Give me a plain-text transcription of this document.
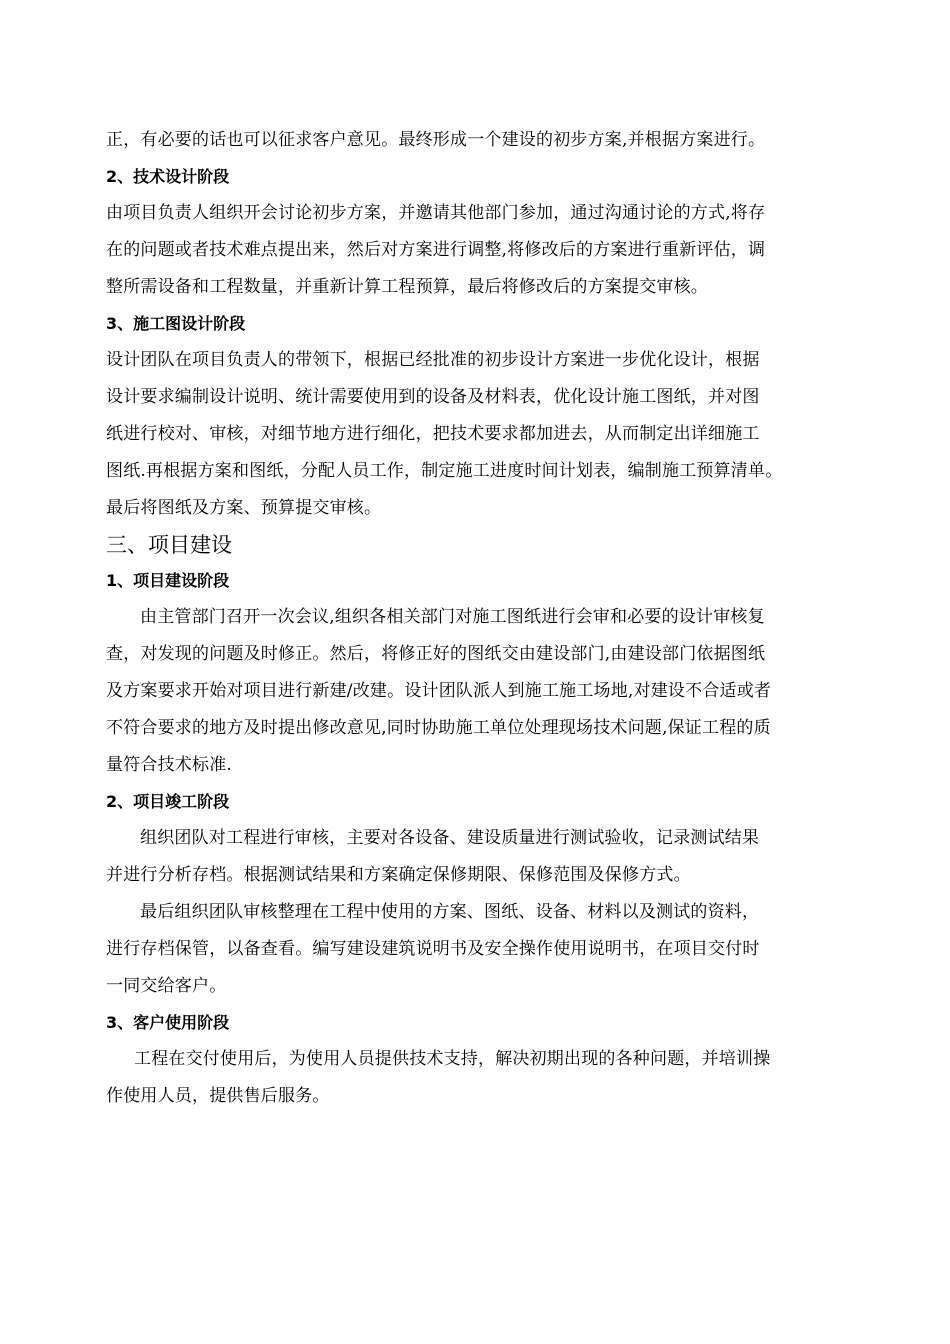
正，有必要的话也可以征求客户意见。最终形成一个建设的初步方案,并根据方案进行。

2、技术设计阶段

由项目负责人组织开会讨论初步方案，并邀请其他部门参加，通过沟通讨论的方式,将存

在的问题或者技术难点提出来，然后对方案进行调整,将修改后的方案进行重新评估，调

整所需设备和工程数量，并重新计算工程预算，最后将修改后的方案提交审核。

3、施工图设计阶段

设计团队在项目负责人的带领下，根据已经批准的初步设计方案进一步优化设计，根据

设计要求编制设计说明、统计需要使用到的设备及材料表，优化设计施工图纸，并对图

纸进行校对、审核，对细节地方进行细化，把技术要求都加进去，从而制定出详细施工

图纸.再根据方案和图纸，分配人员工作，制定施工进度时间计划表，编制施工预算清单。

最后将图纸及方案、预算提交审核。

三、项目建设

1、项目建设阶段

由主管部门召开一次会议,组织各相关部门对施工图纸进行会审和必要的设计审核复

查，对发现的问题及时修正。然后，将修正好的图纸交由建设部门,由建设部门依据图纸

及方案要求开始对项目进行新建/改建。设计团队派人到施工施工场地,对建设不合适或者

不符合要求的地方及时提出修改意见,同时协助施工单位处理现场技术问题,保证工程的质

量符合技术标准.

2、项目竣工阶段

组织团队对工程进行审核，主要对各设备、建设质量进行测试验收，记录测试结果

并进行分析存档。根据测试结果和方案确定保修期限、保修范围及保修方式。

最后组织团队审核整理在工程中使用的方案、图纸、设备、材料以及测试的资料，

进行存档保管，以备查看。编写建设建筑说明书及安全操作使用说明书，在项目交付时

一同交给客户。

3、客户使用阶段

工程在交付使用后，为使用人员提供技术支持，解决初期出现的各种问题，并培训操

作使用人员，提供售后服务。
